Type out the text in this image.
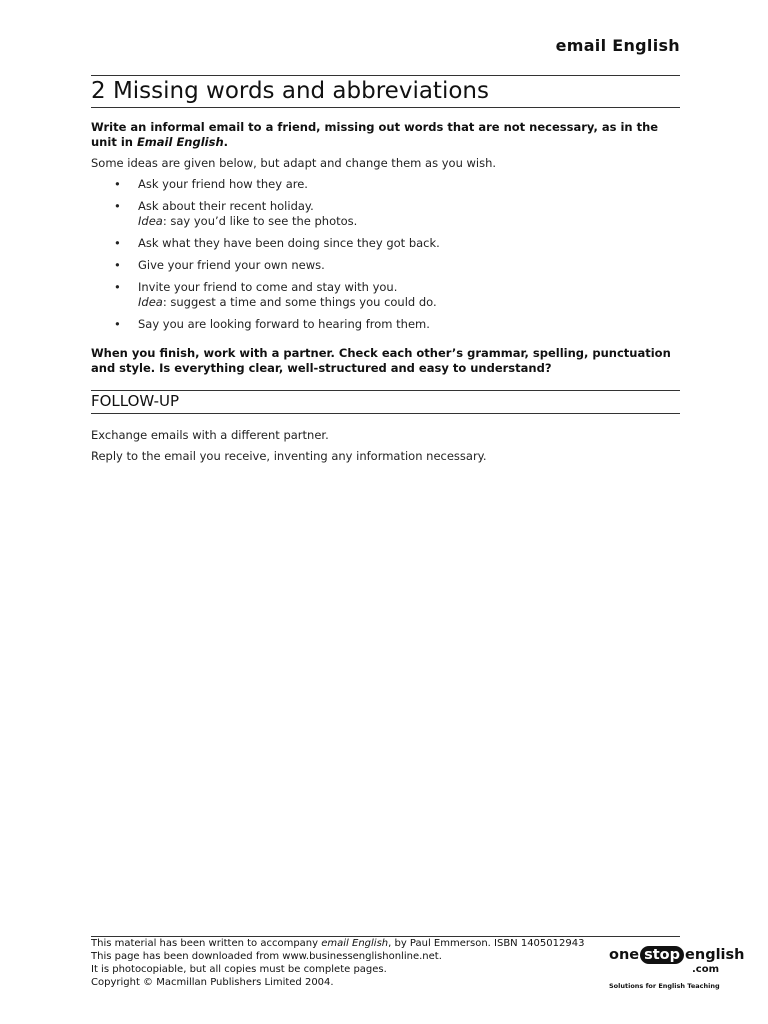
email English
2 Missing words and abbreviations
Write an informal email to a friend, missing out words that are not necessary, as in the unit in Email English.
Some ideas are given below, but adapt and change them as you wish.
• Ask your friend how they are.
• Ask about their recent holiday.
Idea: say you’d like to see the photos.
• Ask what they have been doing since they got back.
• Give your friend your own news.
• Invite your friend to come and stay with you.
Idea: suggest a time and some things you could do.
• Say you are looking forward to hearing from them.
When you finish, work with a partner. Check each other’s grammar, spelling, punctuation and style. Is everything clear, well-structured and easy to understand?
FOLLOW-UP

Exchange emails with a different partner.

Reply to the email you receive, inventing any information necessary.

This material has been written to accompany email English, by Paul Emmerson. ISBN 1405012943
This page has been downloaded from www.businessenglishonline.net.
It is photocopiable, but all copies must be complete pages.
Copyright © Macmillan Publishers Limited 2004.
one stop english
.com
Solutions for English Teaching
